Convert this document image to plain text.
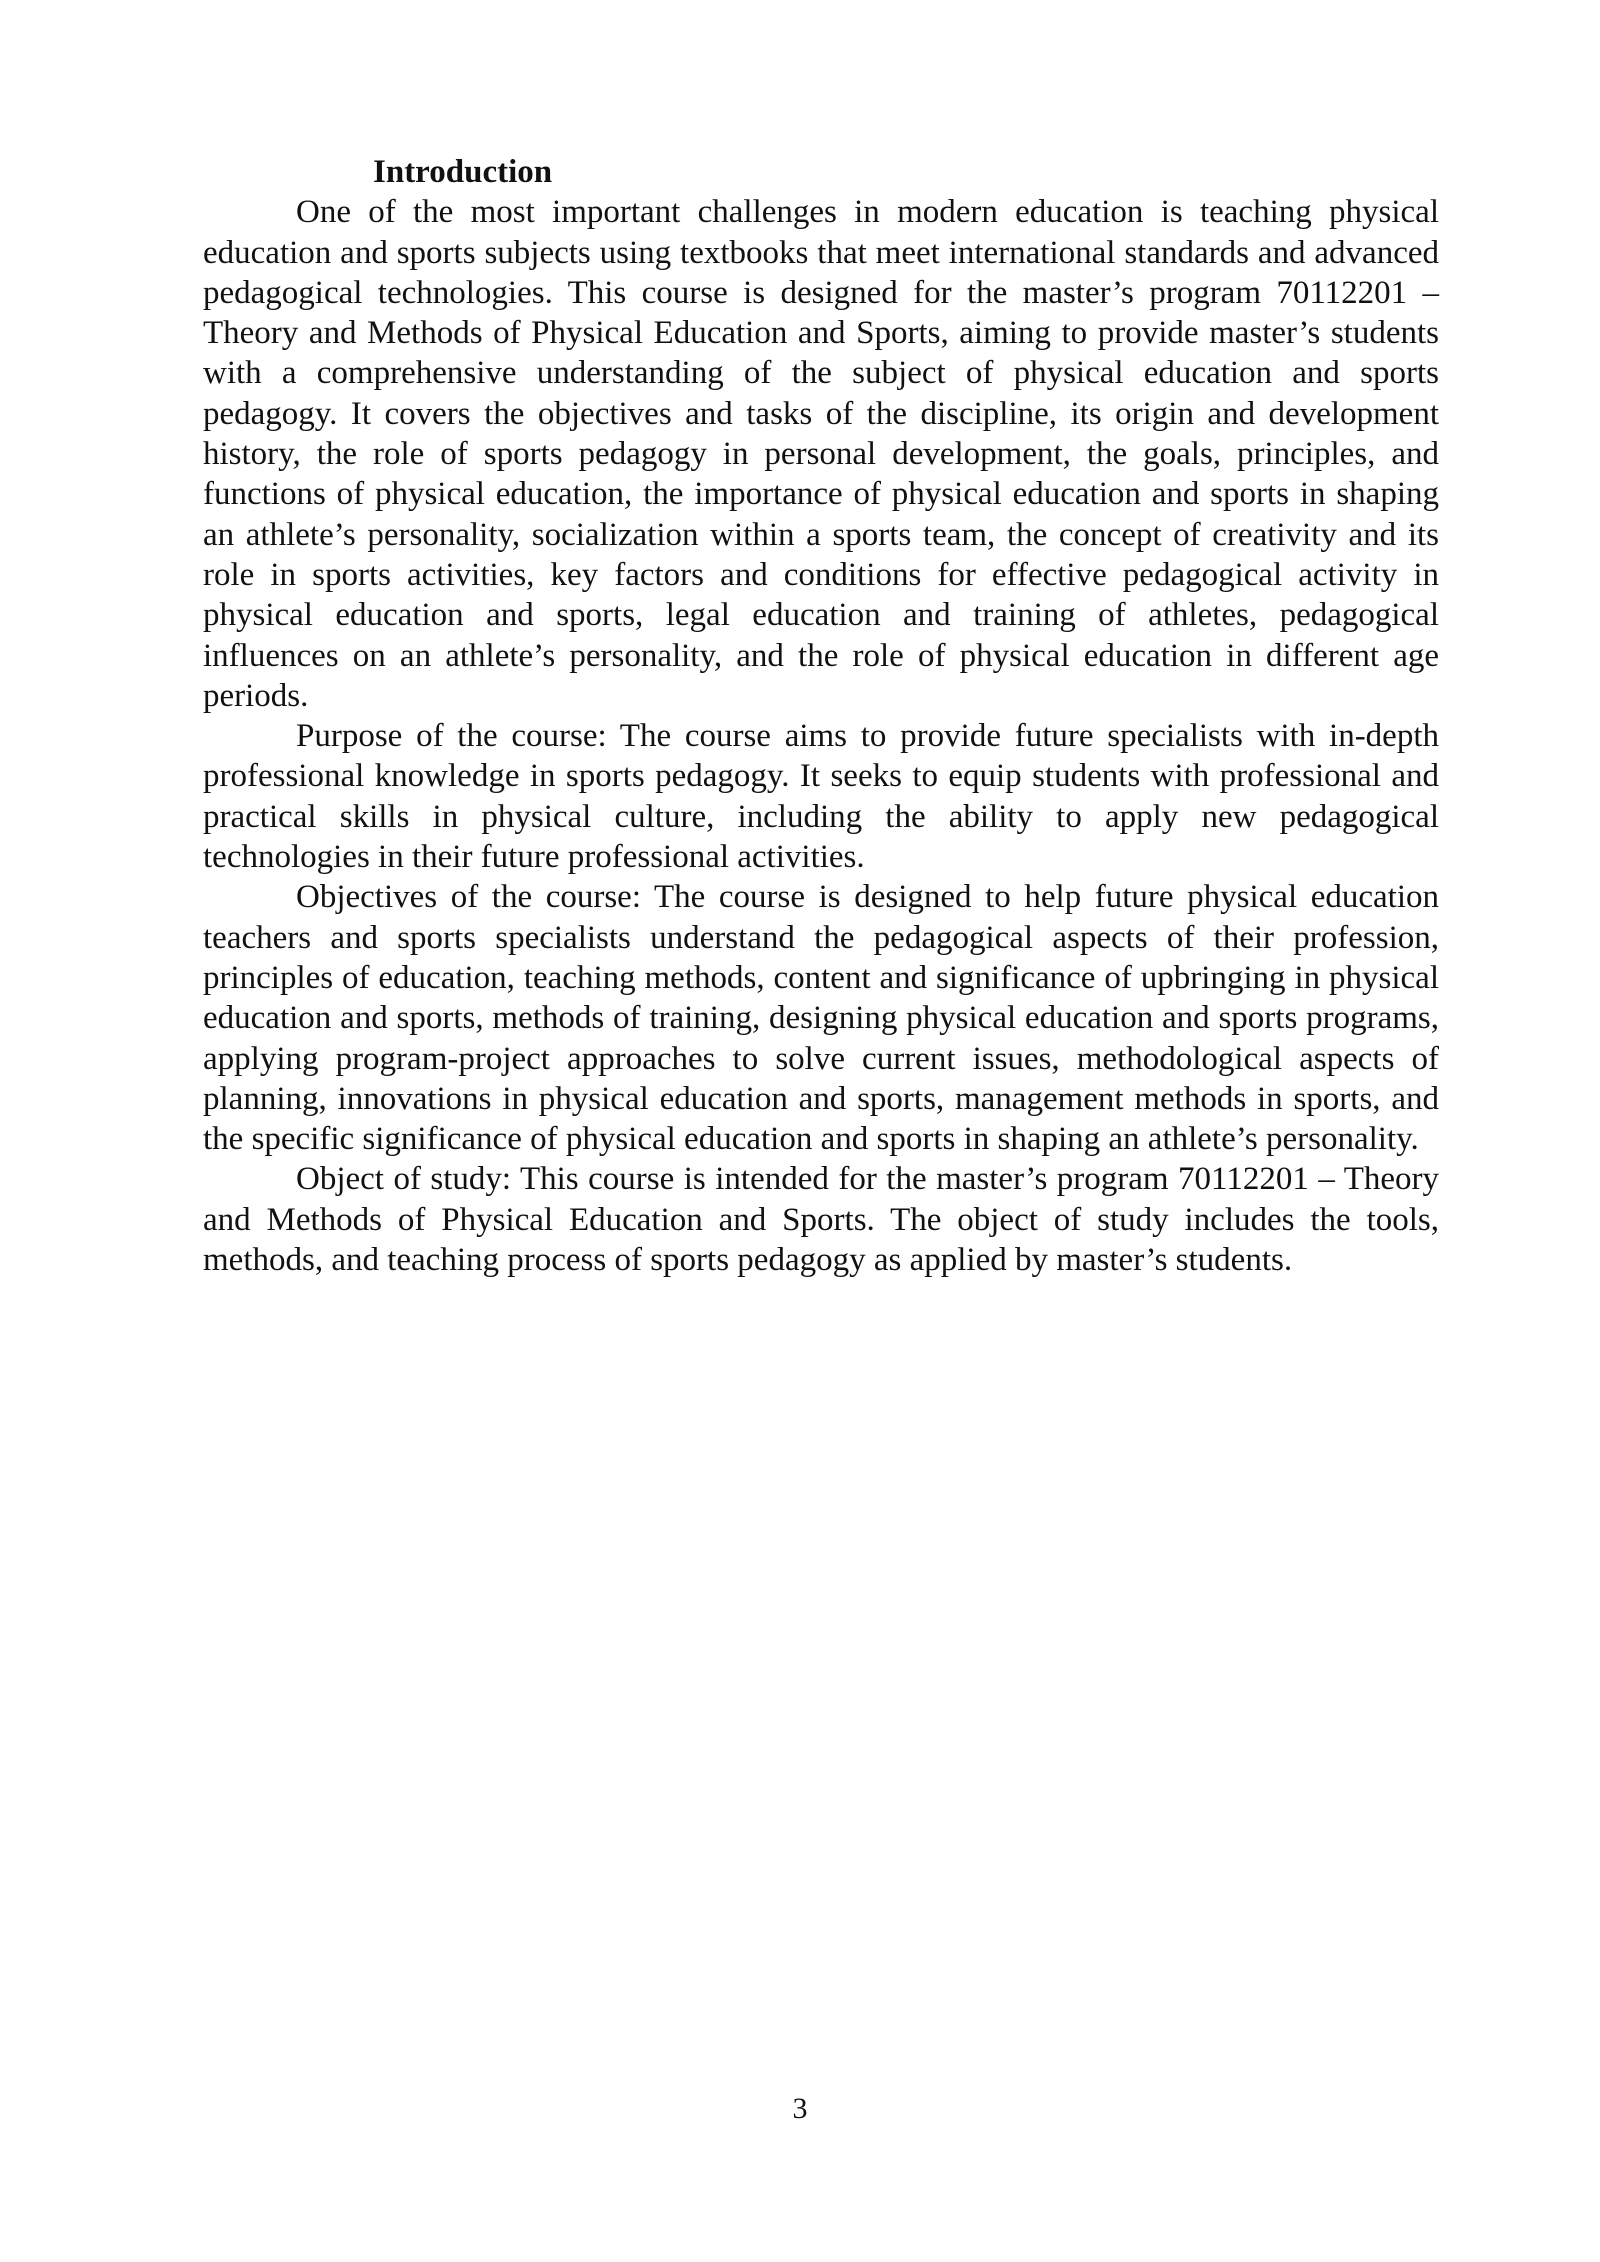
Introduction

One of the most important challenges in modern education is teaching physical education and sports subjects using textbooks that meet international standards and advanced pedagogical technologies. This course is designed for the master’s program 70112201 – Theory and Methods of Physical Education and Sports, aiming to provide master’s students with a comprehensive understanding of the subject of physical education and sports pedagogy. It covers the objectives and tasks of the discipline, its origin and development history, the role of sports pedagogy in personal development, the goals, principles, and functions of physical education, the importance of physical education and sports in shaping an athlete’s personality, socialization within a sports team, the concept of creativity and its role in sports activities, key factors and conditions for effective pedagogical activity in physical education and sports, legal education and training of athletes, pedagogical influences on an athlete’s personality, and the role of physical education in different age periods.

Purpose of the course: The course aims to provide future specialists with in-depth professional knowledge in sports pedagogy. It seeks to equip students with professional and practical skills in physical culture, including the ability to apply new pedagogical technologies in their future professional activities.

Objectives of the course: The course is designed to help future physical education teachers and sports specialists understand the pedagogical aspects of their profession, principles of education, teaching methods, content and significance of upbringing in physical education and sports, methods of training, designing physical education and sports programs, applying program-project approaches to solve current issues, methodological aspects of planning, innovations in physical education and sports, management methods in sports, and the specific significance of physical education and sports in shaping an athlete’s personality.

Object of study: This course is intended for the master’s program 70112201 – Theory and Methods of Physical Education and Sports. The object of study includes the tools, methods, and teaching process of sports pedagogy as applied by master’s students.

3
